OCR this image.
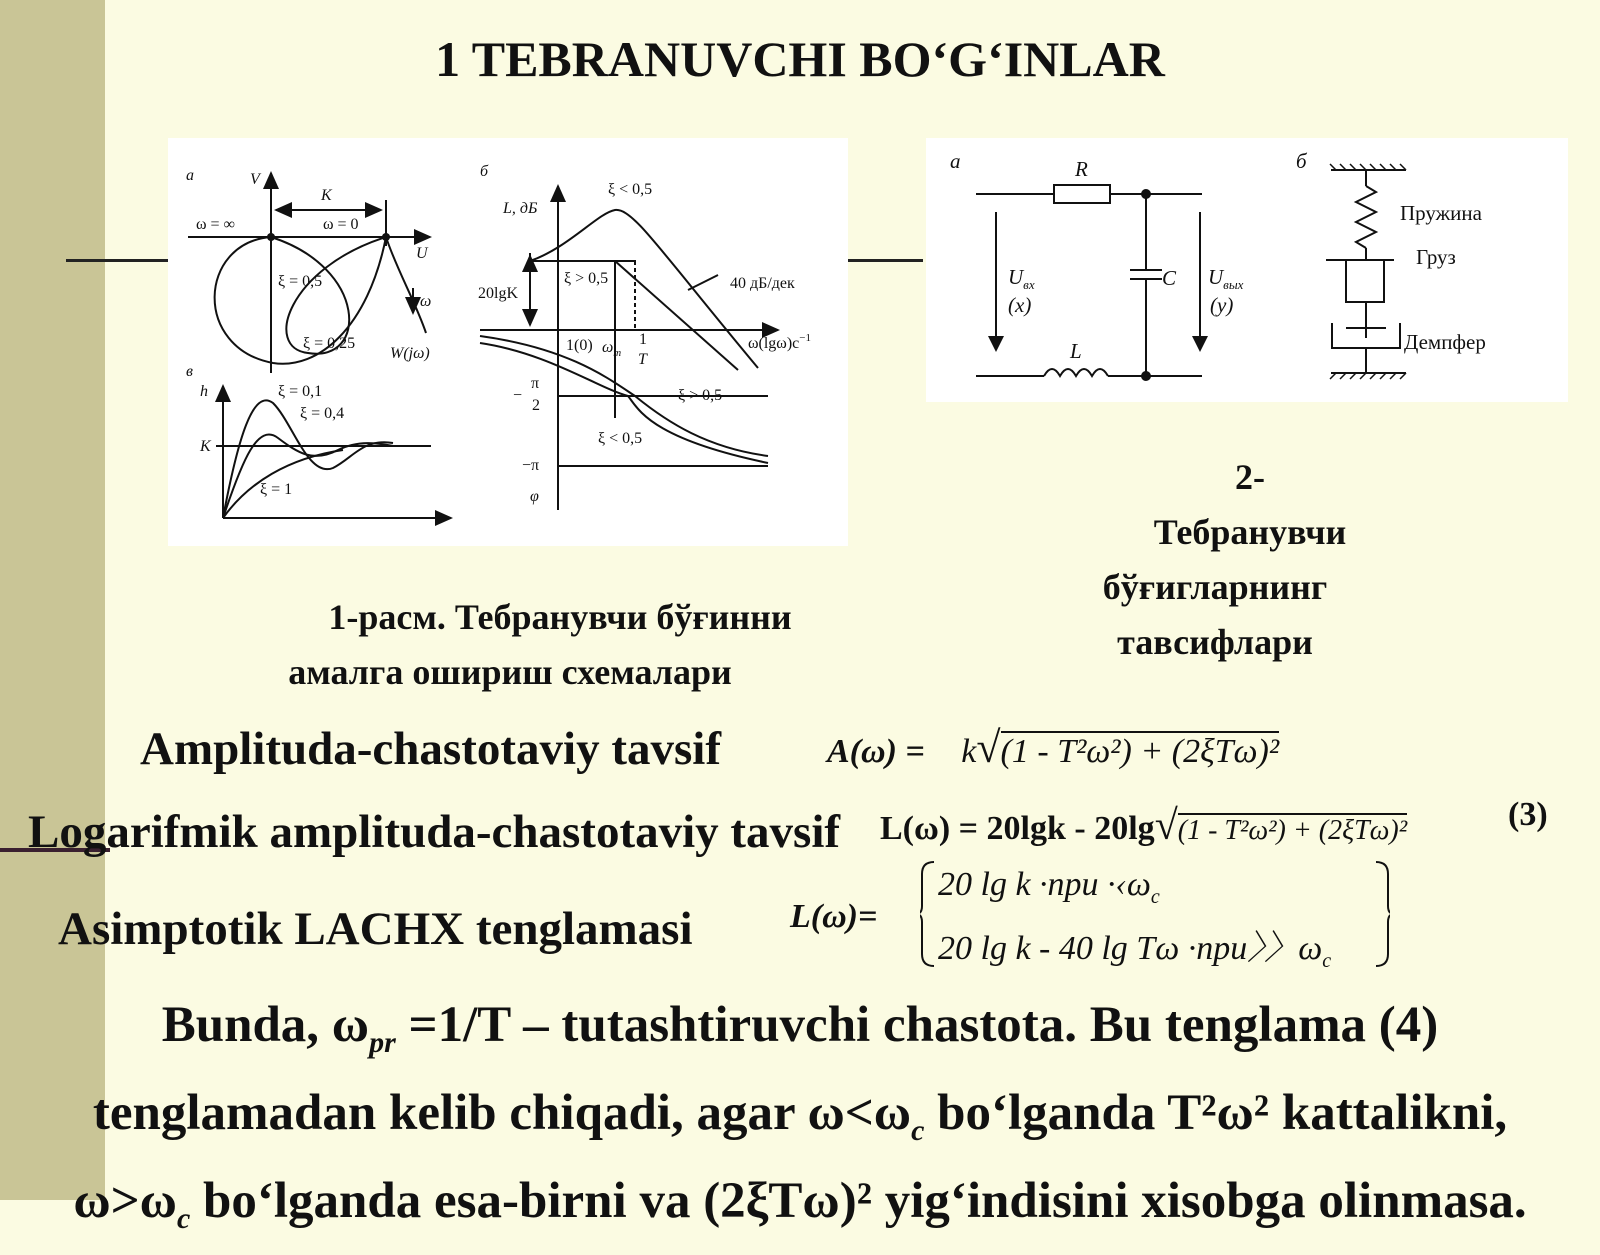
1 TEBRANUVCHI BO‘G‘INLAR
а	V
K
ω = ∞	ω = 0
U
ξ = 0,5
ω
ξ = 0,25
W(jω)
в
h
K
ξ = 0,1
ξ = 0,4
ξ = 1
б
L, дБ
ξ < 0,5
ξ > 0,5
20lgK
40 дБ/дек
1(0) $\omega_m$
1
T
$\omega(\lg\omega)c^{-1}$
−
π
2
ξ > 0,5
ξ < 0,5
−π
φ
а	R
C
L
$U_{вх}$
(x)
$U_{вых}$
(y)
б
Пружина
Груз
Демпфер
2-Тебранувчи
бўғигларнинг
тавсифлари
1-расм. Тебранувчи бўғинни
амалга ошириш схемалари
Amplituda-chastotaviy tavsif	A(ω) = k√(1 - T²ω²) + (2ξTω)²
Logarifmik amplituda-chastotaviy tavsif L(ω) = 20lgk - 20lg√(1 - T²ω²) + (2ξTω)²	(3)
Asimptotik LACHX tenglamasi	L(ω)=
20 $\lg k \cdot при \cdot‹\omega_c$
20 lg k - 40 lg Tω ·при〉〉$\omega_c$
Bunda, $\omega_{pr} =1/T$ – tutashtiruvchi chastota. Bu tenglama (4)
tenglamadan kelib chiqadi, agar $\omega<\omega_c$ bo‘lganda T²ω² kattalikni,
$\omega>\omega_c$ bo‘lganda esa-birni va (2ξTω)² yig‘indisini xisobga olinmasa.
